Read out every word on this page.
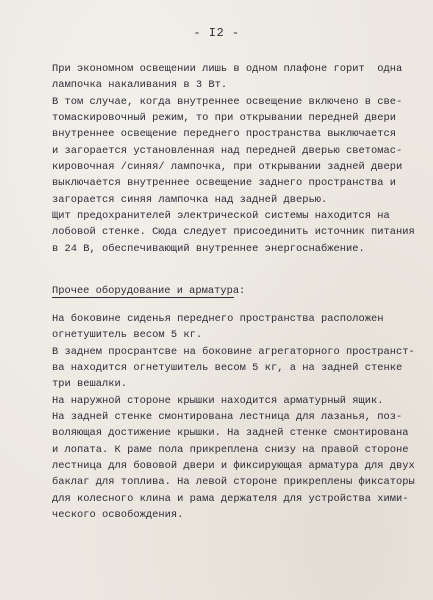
- I2 -
При экономном освещении лишь в одном плафоне горит  одна
лампочка накаливания в 3 Вт.
В том случае, когда внутреннее освещение включено в све-
томаскировочный режим, то при открывании передней двери
внутреннее освещение переднего пространства выключается
и загорается установленная над передней дверью светомас-
кировочная /синяя/ лампочка, при открывании задней двери
выключается внутреннее освещение заднего пространства и
загорается синяя лампочка над задней дверью.
Щит предохранителей электрической системы находится на
лобовой стенке. Сюда следует присоединить источник питания
в 24 В, обеспечивающий внутреннее энергоснабжение.
Прочее оборудование и арматура:
На боковине сиденья переднего пространства расположен
огнетушитель весом 5 кг.
В заднем просрантсве на боковине агрегаторного пространст-
ва находится огнетушитель весом 5 кг, а на задней стенке
три вешалки.
На наружной стороне крышки находится арматурный ящик.
На задней стенке смонтирована лестница для лазанья, поз-
воляющая достижение крышки. На задней стенке смонтирована
и лопата. К раме пола прикреплена снизу на правой стороне
лестница для бововой двери и фиксирующая арматура для двух
баклаг для топлива. На левой стороне прикреплены фиксаторы
для колесного клина и рама держателя для устройства хими-
ческого освобождения.
